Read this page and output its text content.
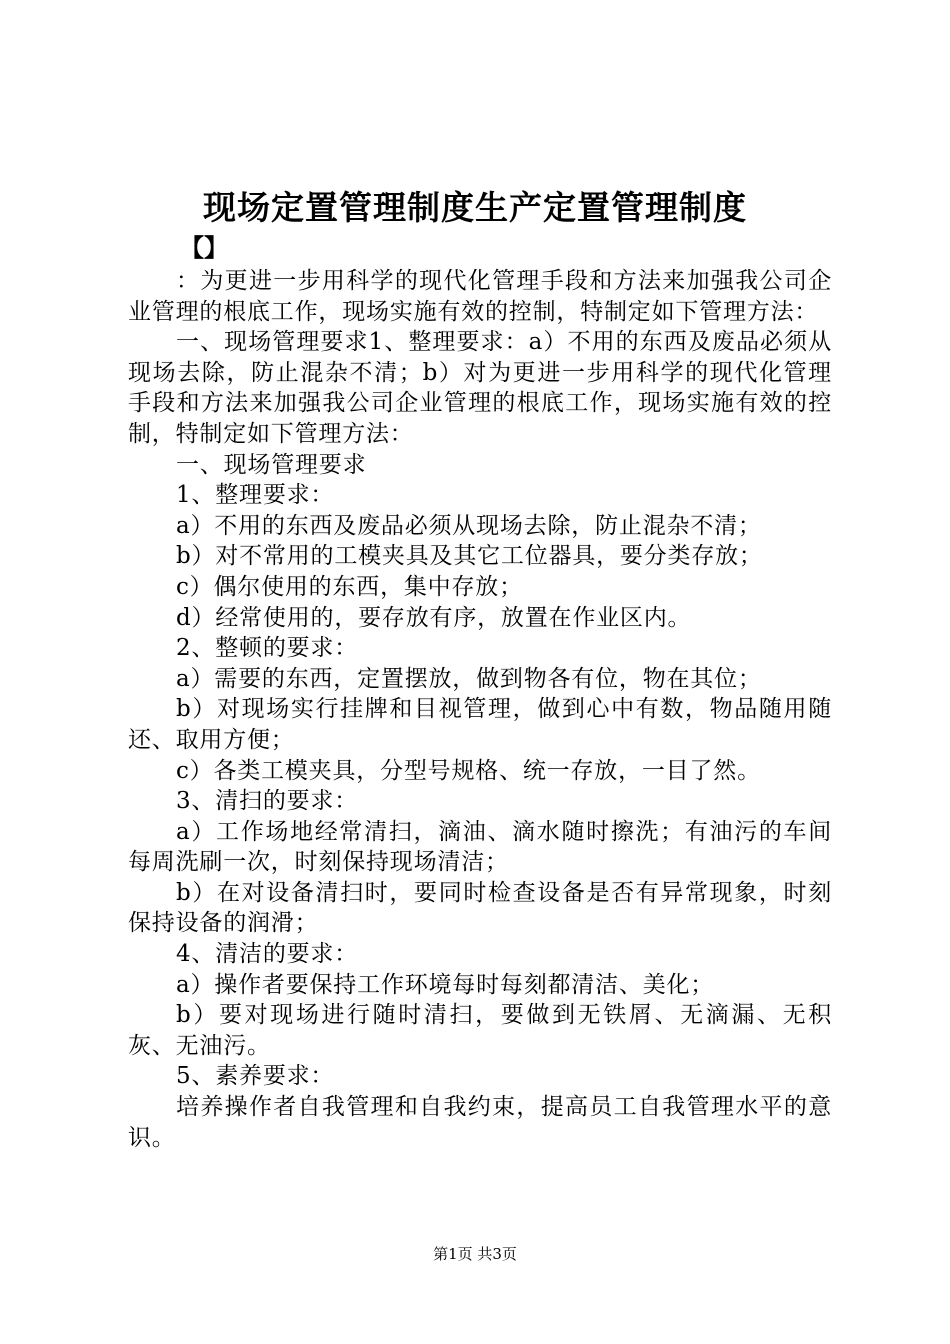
现场定置管理制度生产定置管理制度
【】

：为更进一步用科学的现代化管理手段和方法来加强我公司企业管理的根底工作，现场实施有效的控制，特制定如下管理方法：

一、现场管理要求1、整理要求：a）不用的东西及废品必须从现场去除，防止混杂不清；b）对为更进一步用科学的现代化管理手段和方法来加强我公司企业管理的根底工作，现场实施有效的控制，特制定如下管理方法：

一、现场管理要求

1、整理要求：

a）不用的东西及废品必须从现场去除，防止混杂不清；

b）对不常用的工模夹具及其它工位器具，要分类存放；

c）偶尔使用的东西，集中存放；

d）经常使用的，要存放有序，放置在作业区内。

2、整顿的要求：

a）需要的东西，定置摆放，做到物各有位，物在其位；

b）对现场实行挂牌和目视管理，做到心中有数，物品随用随还、取用方便；

c）各类工模夹具，分型号规格、统一存放，一目了然。

3、清扫的要求：

a）工作场地经常清扫，滴油、滴水随时擦洗；有油污的车间每周洗刷一次，时刻保持现场清洁；

b）在对设备清扫时，要同时检查设备是否有异常现象，时刻保持设备的润滑；

4、清洁的要求：

a）操作者要保持工作环境每时每刻都清洁、美化；

b）要对现场进行随时清扫，要做到无铁屑、无滴漏、无积灰、无油污。

5、素养要求：

培养操作者自我管理和自我约束，提高员工自我管理水平的意识。

第1页 共3页
